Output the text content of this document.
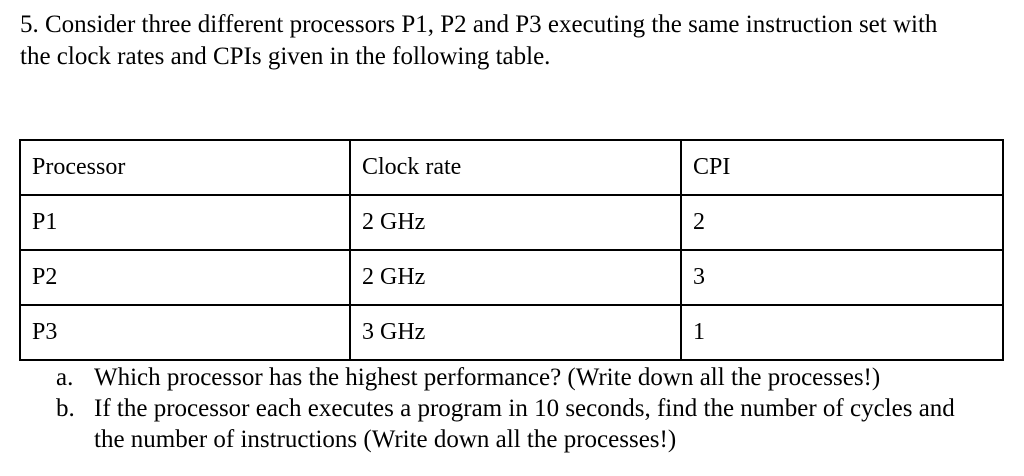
5. Consider three different processors P1, P2 and P3 executing the same instruction set with
the clock rates and CPIs given in the following table.

Processor	Clock rate	CPI
P1	2 GHz	2
P2	2 GHz	3
P3	3 GHz	1
a. Which processor has the highest performance? (Write down all the processes!)
b. If the processor each executes a program in 10 seconds, find the number of cycles and
the number of instructions (Write down all the processes!)
